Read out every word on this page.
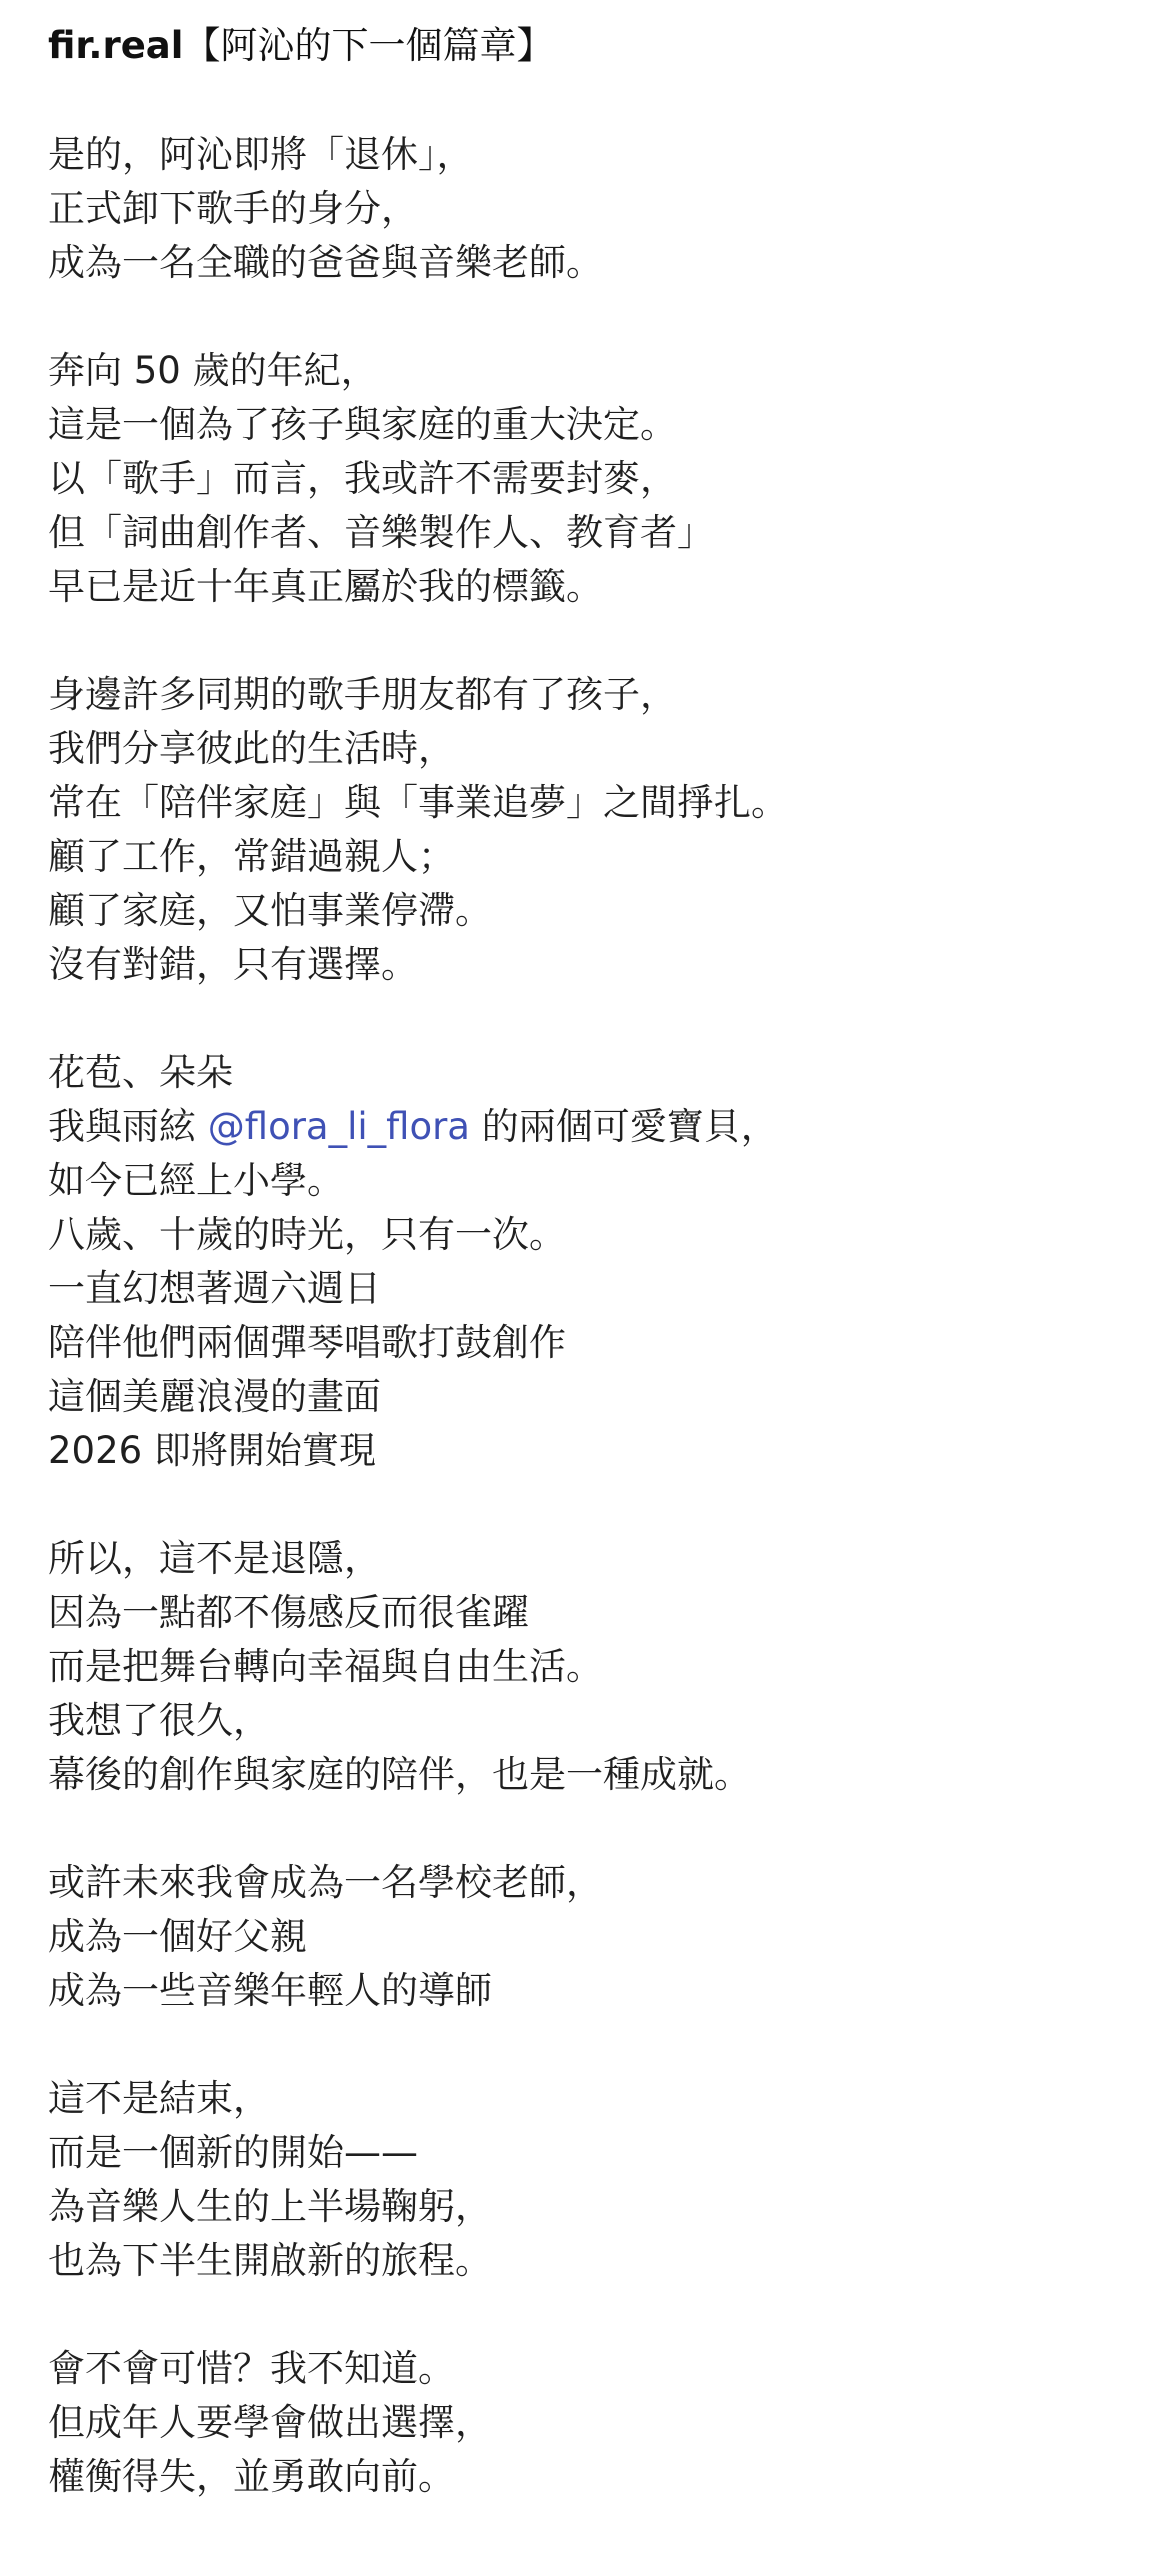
fir.real 【阿沁的下一個篇章】
是的，阿沁即將「退休」，
正式卸下歌手的身分，
成為一名全職的爸爸與音樂老師。
奔向 50 歲的年紀，
這是一個為了孩子與家庭的重大決定。
以「歌手」而言，我或許不需要封麥，
但「詞曲創作者、音樂製作人、教育者」
早已是近十年真正屬於我的標籤。
身邊許多同期的歌手朋友都有了孩子，
我們分享彼此的生活時，
常在「陪伴家庭」與「事業追夢」之間掙扎。
顧了工作，常錯過親人；
顧了家庭，又怕事業停滯。
沒有對錯，只有選擇。
花苞、朵朵
我與雨絃 @flora_li_flora 的兩個可愛寶貝，
如今已經上小學。
八歲、十歲的時光，只有一次。
一直幻想著週六週日
陪伴他們兩個彈琴唱歌打鼓創作
這個美麗浪漫的畫面
2026 即將開始實現
所以，這不是退隱，
因為一點都不傷感反而很雀躍
而是把舞台轉向幸福與自由生活。
我想了很久，
幕後的創作與家庭的陪伴，也是一種成就。
或許未來我會成為一名學校老師，
成為一個好父親
成為一些音樂年輕人的導師
這不是結束，
而是一個新的開始——
為音樂人生的上半場鞠躬，
也為下半生開啟新的旅程。
會不會可惜？我不知道。
但成年人要學會做出選擇，
權衡得失，並勇敢向前。
